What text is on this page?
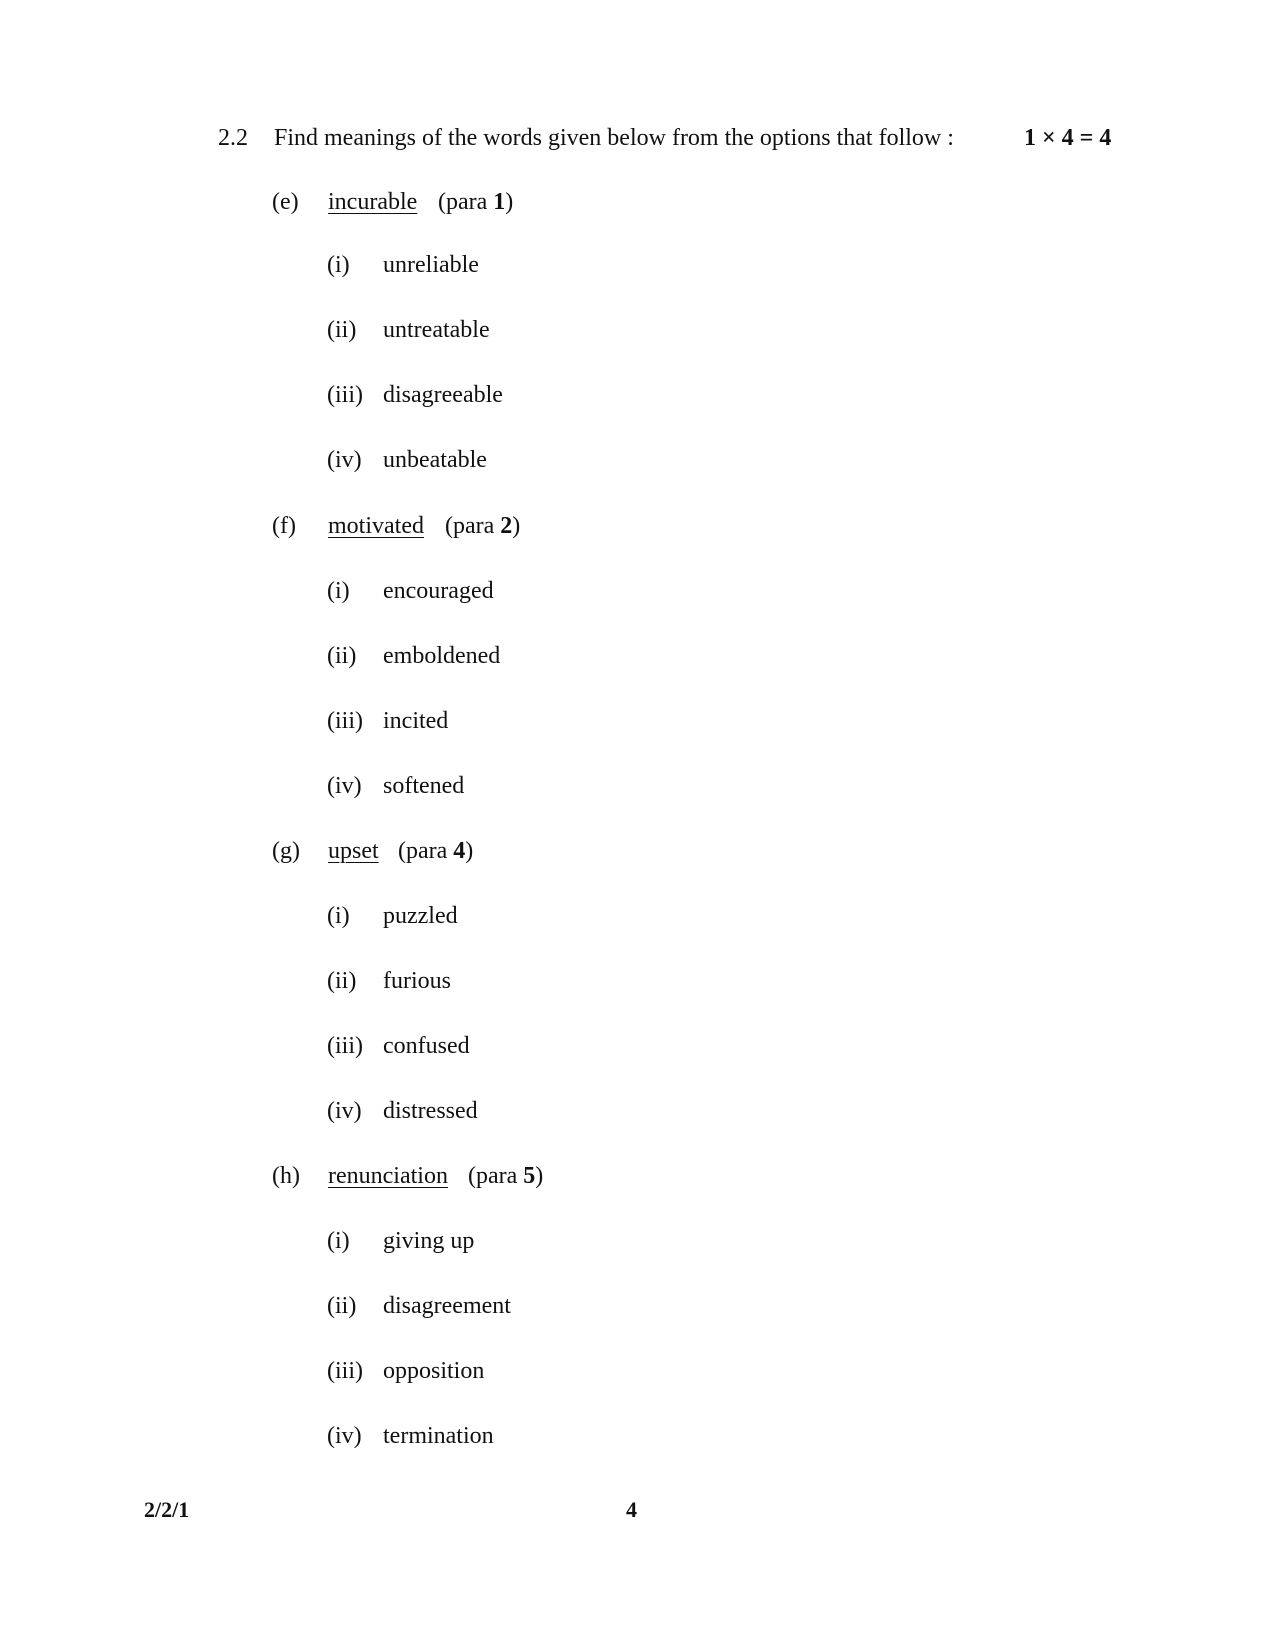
2.2 Find meanings of the words given below from the options that follow :	1 × 4 = 4
(e) incurable (para 1)
(i) unreliable
(ii) untreatable
(iii) disagreeable
(iv) unbeatable
(f) motivated (para 2)
(i) encouraged
(ii) emboldened
(iii) incited
(iv) softened
(g) upset (para 4)
(i) puzzled
(ii) furious
(iii) confused
(iv) distressed
(h) renunciation (para 5)
(i) giving up
(ii) disagreement
(iii) opposition
(iv) termination
2/2/1	4
